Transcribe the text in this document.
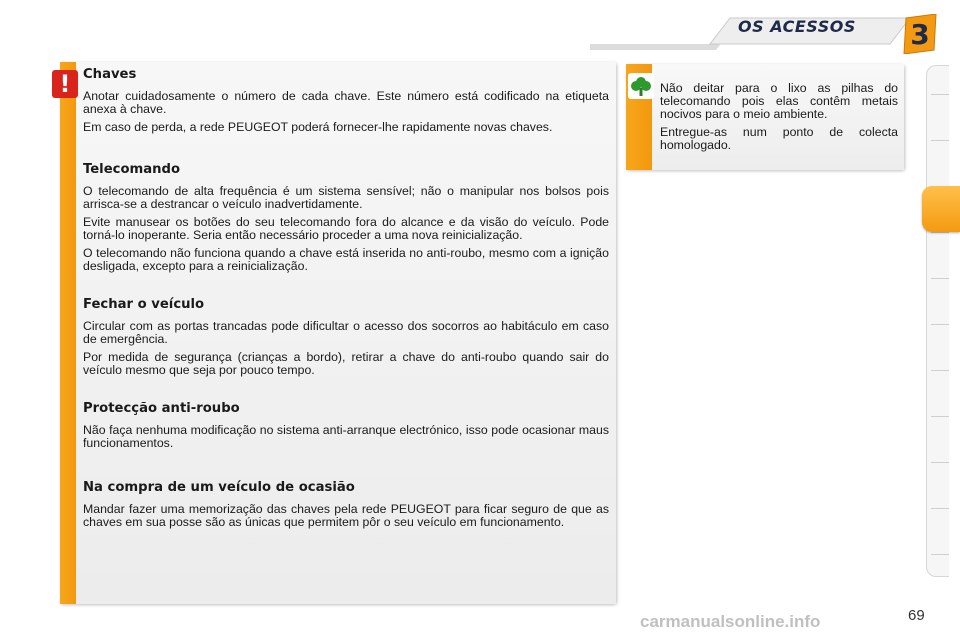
OS ACESSOS	3
! Chaves

Anotar cuidadosamente o número de cada chave. Este número está codificado na etiqueta anexa à chave.

Em caso de perda, a rede PEUGEOT poderá fornecer-lhe rapidamente novas chaves.

Telecomando

O telecomando de alta frequência é um sistema sensível; não o manipular nos bolsos pois arrisca-se a destrancar o veículo inadvertidamente.

Evite manusear os botões do seu telecomando fora do alcance e da visão do veículo. Pode torná-lo inoperante. Seria então necessário proceder a uma nova reinicialização.

O telecomando não funciona quando a chave está inserida no anti-roubo, mesmo com a ignição desligada, excepto para a reinicialização.

Fechar o veículo

Circular com as portas trancadas pode dificultar o acesso dos socorros ao habitáculo em caso de emergência.

Por medida de segurança (crianças a bordo), retirar a chave do anti-roubo quando sair do veículo mesmo que seja por pouco tempo.

Protecção anti-roubo

Não faça nenhuma modificação no sistema anti-arranque electrónico, isso pode ocasionar maus funcionamentos.

Na compra de um veículo de ocasião

Mandar fazer uma memorização das chaves pela rede PEUGEOT para ficar seguro de que as chaves em sua posse são as únicas que permitem pôr o seu veículo em funcionamento.

Não deitar para o lixo as pilhas do telecomando pois elas contêm metais nocivos para o meio ambiente.

Entregue-as num ponto de colecta homologado.

carmanualsonline.info	69
